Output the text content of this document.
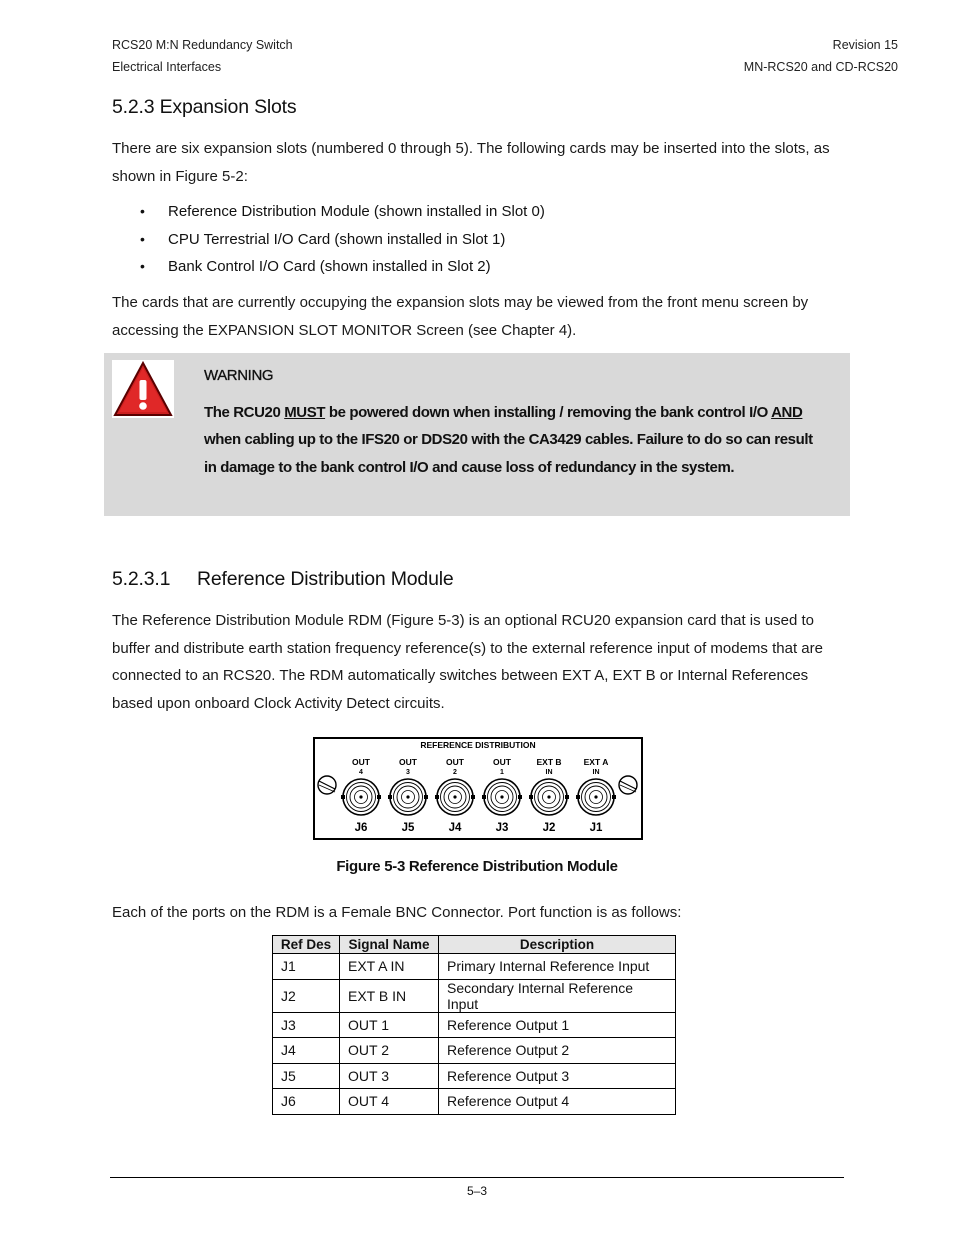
RCS20 M:N Redundancy Switch
Electrical Interfaces
Revision 15
MN-RCS20 and CD-RCS20
5.2.3 Expansion Slots
There are six expansion slots (numbered 0 through 5). The following cards may be inserted into the slots, as shown in Figure 5-2:
• Reference Distribution Module (shown installed in Slot 0)
• CPU Terrestrial I/O Card (shown installed in Slot 1)
• Bank Control I/O Card (shown installed in Slot 2)
The cards that are currently occupying the expansion slots may be viewed from the front menu screen by accessing the EXPANSION SLOT MONITOR Screen (see Chapter 4).
WARNING
The RCU20 MUST be powered down when installing / removing the bank control I/O AND when cabling up to the IFS20 or DDS20 with the CA3429 cables. Failure to do so can result in damage to the bank control I/O and cause loss of redundancy in the system.
5.2.3.1 Reference Distribution Module
The Reference Distribution Module RDM (Figure 5-3) is an optional RCU20 expansion card that is used to buffer and distribute earth station frequency reference(s) to the external reference input of modems that are connected to an RCS20. The RDM automatically switches between EXT A, EXT B or Internal References based upon onboard Clock Activity Detect circuits.
REFERENCE DISTRIBUTION
OUT
4
J6
OUT
3
J5
OUT
2
J4
OUT
1
J3
EXT B
IN
J2
EXT A
IN
J1
Figure 5-3 Reference Distribution Module
Each of the ports on the RDM is a Female BNC Connector. Port function is as follows:
Ref Des	Signal Name	Description
J1	EXT A IN	Primary Internal Reference Input
J2	EXT B IN	Secondary Internal Reference Input
J3	OUT 1	Reference Output 1
J4	OUT 2	Reference Output 2
J5	OUT 3	Reference Output 3
J6	OUT 4	Reference Output 4
5–3
